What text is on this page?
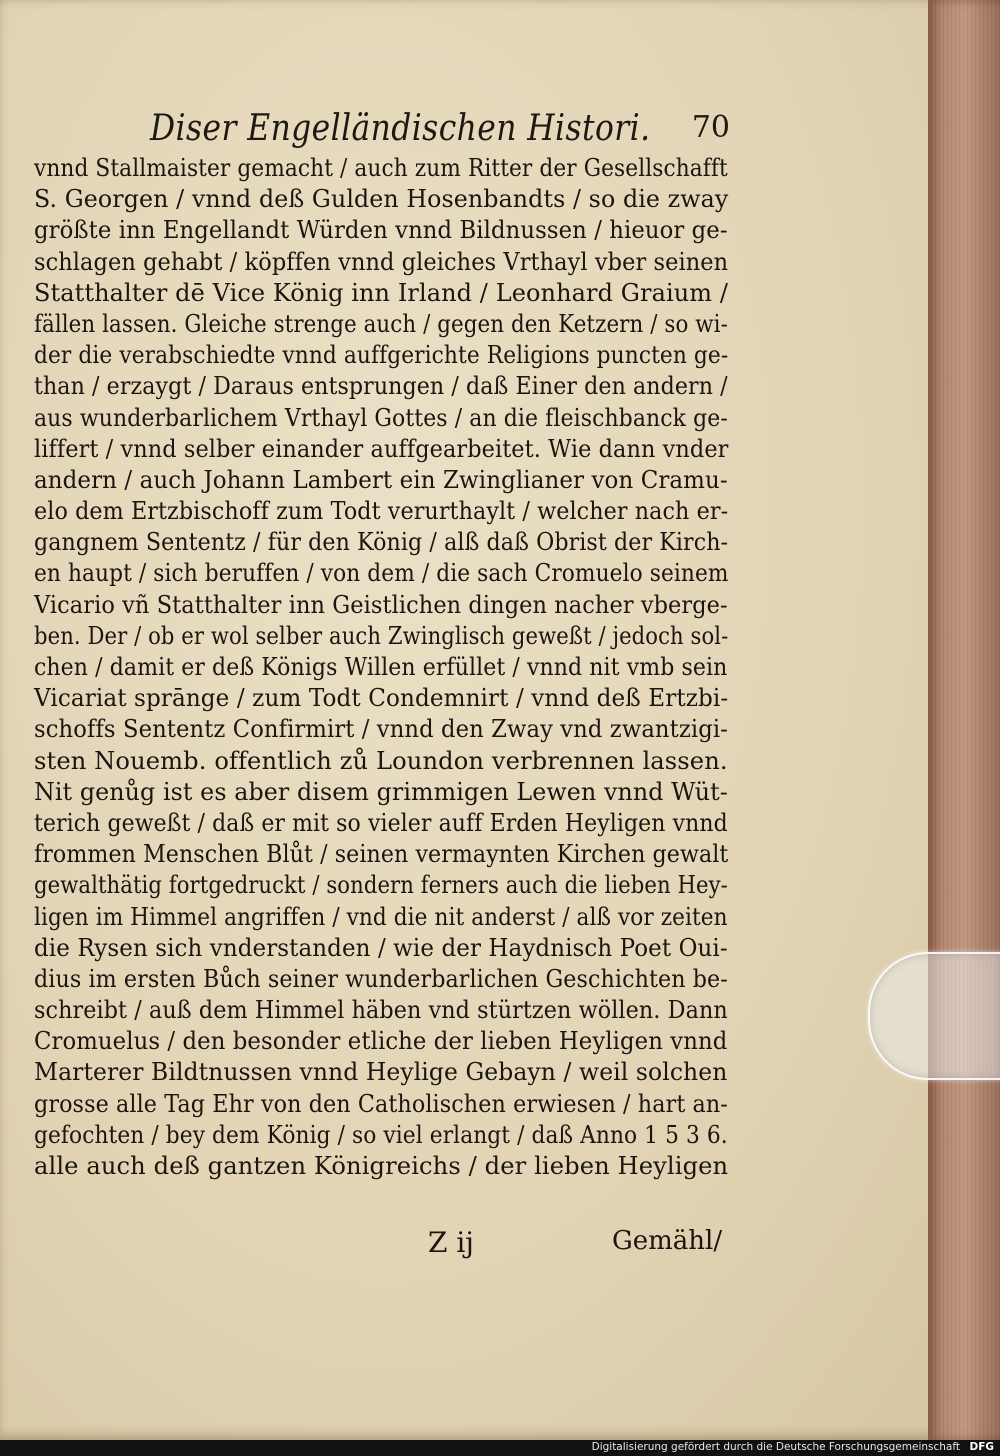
Diser Engelländischen Histori. 70
vnnd Stallmaister gemacht / auch zum Ritter der Gesellschafft
S. Georgen / vnnd deß Gulden Hosenbandts / so die zway
größte inn Engellandt Würden vnnd Bildnussen / hieuor ge-
schlagen gehabt / köpffen vnnd gleiches Vrthayl vber seinen
Statthalter dē Vice König inn Irland / Leonhard Graium /
fällen lassen. Gleiche strenge auch / gegen den Ketzern / so wi-
der die verabschiedte vnnd auffgerichte Religions puncten ge-
than / erzaygt / Daraus entsprungen / daß Einer den andern /
aus wunderbarlichem Vrthayl Gottes / an die fleischbanck ge-
liffert / vnnd selber einander auffgearbeitet. Wie dann vnder
andern / auch Johann Lambert ein Zwinglianer von Cramu-
elo dem Ertzbischoff zum Todt verurthaylt / welcher nach er-
gangnem Sententz / für den König / alß daß Obrist der Kirch-
en haupt / sich beruffen / von dem / die sach Cromuelo seinem
Vicario vñ Statthalter inn Geistlichen dingen nacher vberge-
ben. Der / ob er wol selber auch Zwinglisch geweßt / jedoch sol-
chen / damit er deß Königs Willen erfüllet / vnnd nit vmb sein
Vicariat sprānge / zum Todt Condemnirt / vnnd deß Ertzbi-
schoffs Sententz Confirmirt / vnnd den Zway vnd zwantzigi-
sten Nouemb. offentlich zů Loundon verbrennen lassen.
Nit genůg ist es aber disem grimmigen Lewen vnnd Wüt-
terich geweßt / daß er mit so vieler auff Erden Heyligen vnnd
frommen Menschen Blůt / seinen vermaynten Kirchen gewalt
gewalthätig fortgedruckt / sondern ferners auch die lieben Hey-
ligen im Himmel angriffen / vnd die nit anderst / alß vor zeiten
die Rysen sich vnderstanden / wie der Haydnisch Poet Oui-
dius im ersten Bůch seiner wunderbarlichen Geschichten be-
schreibt / auß dem Himmel häben vnd stürtzen wöllen. Dann
Cromuelus / den besonder etliche der lieben Heyligen vnnd
Marterer Bildtnussen vnnd Heylige Gebayn / weil solchen
grosse alle Tag Ehr von den Catholischen erwiesen / hart an-
gefochten / bey dem König / so viel erlangt / daß Anno 1 5 3 6.
alle auch deß gantzen Königreichs / der lieben Heyligen
Z ij	Gemähl/
Digitalisierung gefördert durch die Deutsche Forschungsgemeinschaft DFG
